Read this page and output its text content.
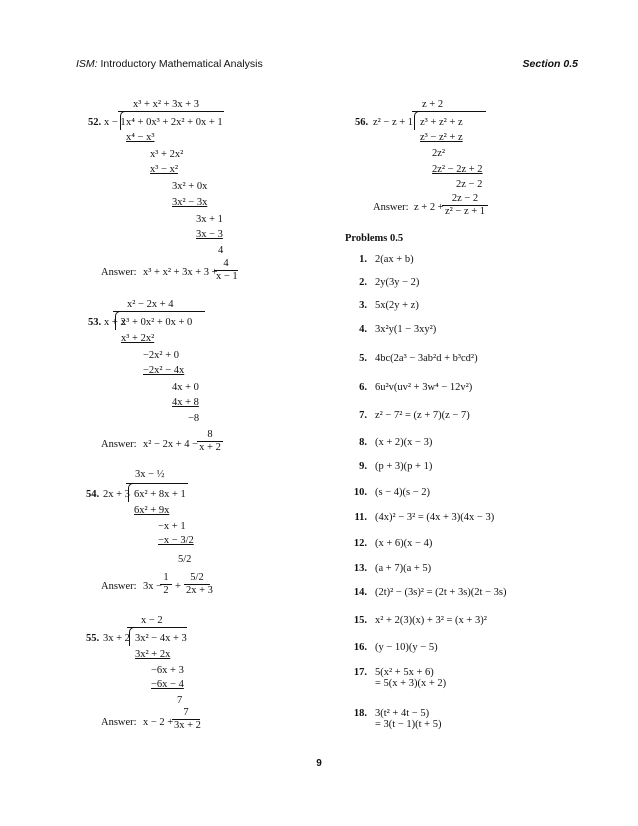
ISM: Introductory Mathematical Analysis	Section 0.5
x³ + x² + 3x + 3
52. x − 1 x⁴ + 0x³ + 2x² + 0x + 1
x⁴ − x³
x³ + 2x²
x³ − x²
3x² + 0x
3x² − 3x
3x + 1
3x − 3
4
Answer: x³ + x² + 3x + 3 +
$\frac{4}{x - 1}$
x² − 2x + 4
53. x + 2
x³ + 0x² + 0x + 0
x³ + 2x²
−2x² + 0
−2x² − 4x
4x + 0
4x + 8
−8
Answer: x² − 2x + 4 −
$\frac{8}{x + 2}$
3x − ½
54. 2x + 3 6x² + 8x + 1
6x² + 9x
−x + 1
−x − 3/2
5/2
Answer: 3x −
$\frac{1}{2} + \frac{5/2}{2x + 3}$
x − 2
55. 3x + 2 3x² − 4x + 3
3x² + 2x
−6x + 3
−6x − 4
7
Answer: x − 2 +
$\frac{7}{3x + 2}$
z + 2
56. z² − z + 1 z³ + z² + z
z³ − z² + z
2z²
2z² − 2z + 2
2z − 2
Answer: z + 2 +
$\frac{2z - 2}{\text{z² − z + 1}}$
Problems 0.5
1. 2(ax + b)
2. 2y(3y − 2)
3. 5x(2y + z)
4. 3x²y(1 − 3xy²)
5. 4bc(2a³ − 3ab²d + b³cd²)
6. 6u²v(uv² + 3w⁴ − 12v²)
7. z² − 7² = (z + 7)(z − 7)
8. (x + 2)(x − 3)
9. (p + 3)(p + 1)
10. (s − 4)(s − 2)
11. (4x)² − 3² = (4x + 3)(4x − 3)
12. (x + 6)(x − 4)
13. (a + 7)(a + 5)
14. (2t)² − (3s)² = (2t + 3s)(2t − 3s)
15. x² + 2(3)(x) + 3² = (x + 3)²
16. (y − 10)(y − 5)
17. 5(x² + 5x + 6)
= 5(x + 3)(x + 2)
18. 3(t² + 4t − 5)
= 3(t − 1)(t + 5)
9
